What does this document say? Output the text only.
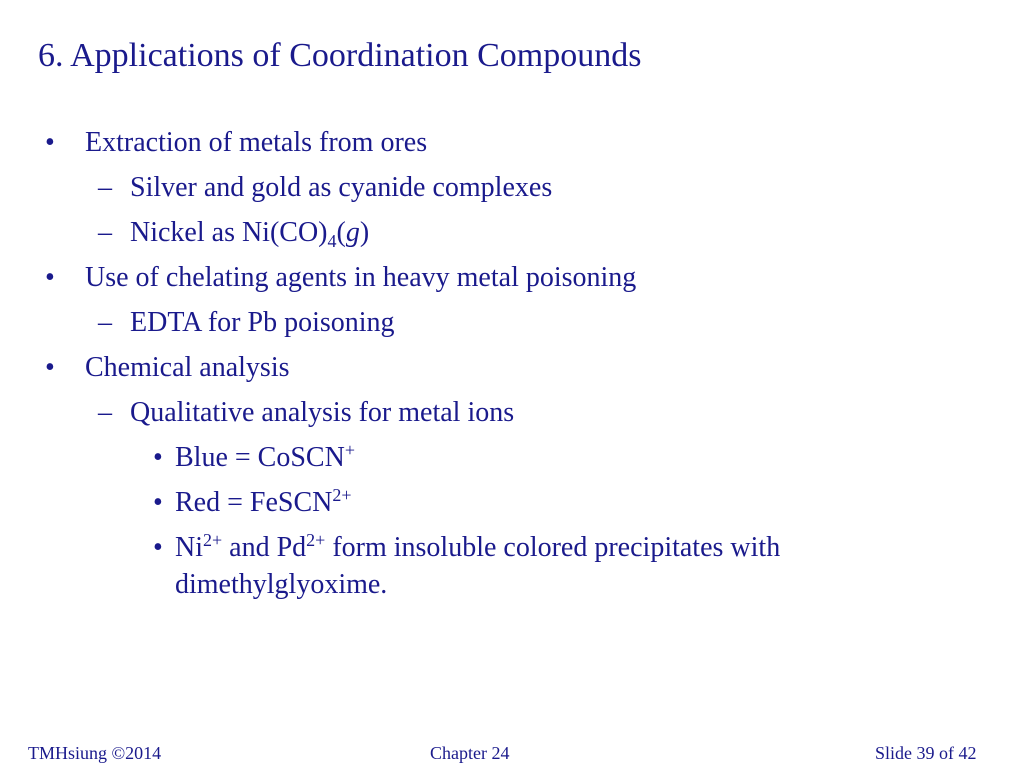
6. Applications of Coordination Compounds
• Extraction of metals from ores
– Silver and gold as cyanide complexes
– Nickel as $Ni(CO)_4(g)$
• Use of chelating agents in heavy metal poisoning
– EDTA for Pb poisoning
• Chemical analysis
– Qualitative analysis for metal ions
• Blue = CoSCN+
• Red = FeSCN$^{2+}$
• $Ni^{2+}$ and $Pd^{2+}$ form insoluble colored precipitates with
dimethylglyoxime.
TMHsiung ©2014	Chapter 24	Slide 39 of 42
